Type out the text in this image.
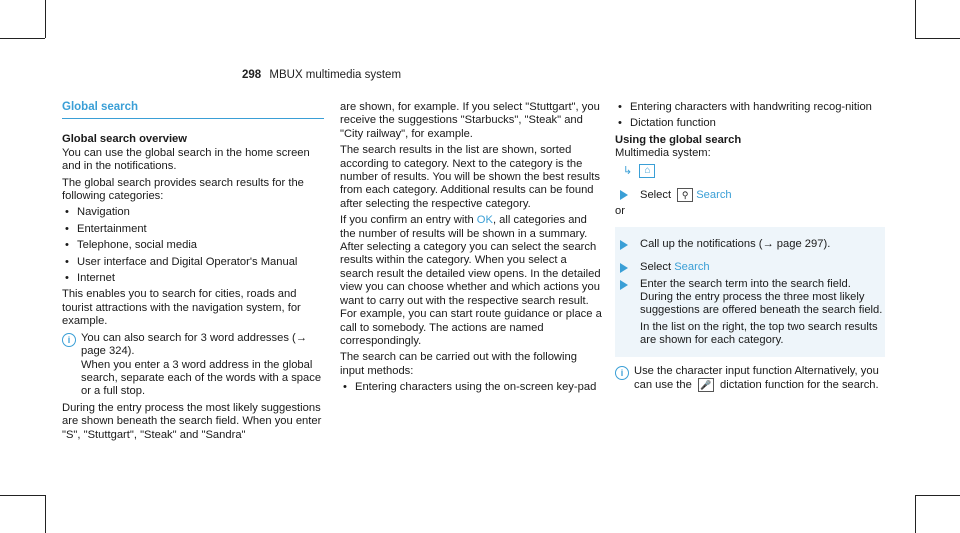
298 MBUX multimedia system
Global search

Global search overview

You can use the global search in the home screen and in the notifications.

The global search provides search results for the following categories:

• Navigation
• Entertainment
• Telephone, social media
• User interface and Digital Operator's Manual
• Internet

This enables you to search for cities, roads and tourist attractions with the navigation system, for example.

i You can also search for 3 word addresses (→ page 324).
When you enter a 3 word address in the global search, separate each of the words with a space or a full stop.

During the entry process the most likely suggestions are shown beneath the search field. When you enter "S", "Stuttgart", "Steak" and "Sandra"

are shown, for example. If you select "Stuttgart", you receive the suggestions "Starbucks", "Steak" and "City railway", for example.

The search results in the list are shown, sorted according to category. Next to the category is the number of results. You will be shown the best results from each category. Additional results can be found after selecting the respective category.

If you confirm an entry with OK, all categories and the number of results will be shown in a summary. After selecting a category you can select the search results within the category. When you select a search result the detailed view opens. In the detailed view you can choose whether and which actions you want to carry out with the respective search result. For example, you can start route guidance or place a call to somebody. The actions are named correspondingly.

The search can be carried out with the following input methods:

• Entering characters using the on-screen key-pad
• Entering characters with handwriting recog-nition
• Dictation function

Using the global search

Multimedia system:

↳ ⌂
Select ⚲ Search

or

Call up the notifications (→ page 297).
Select Search
Enter the search term into the search field. During the entry process the three most likely suggestions are offered beneath the search field.
In the list on the right, the top two search results are shown for each category.
i Use the character input function Alternatively, you can use the 🎤 dictation function for the search.
